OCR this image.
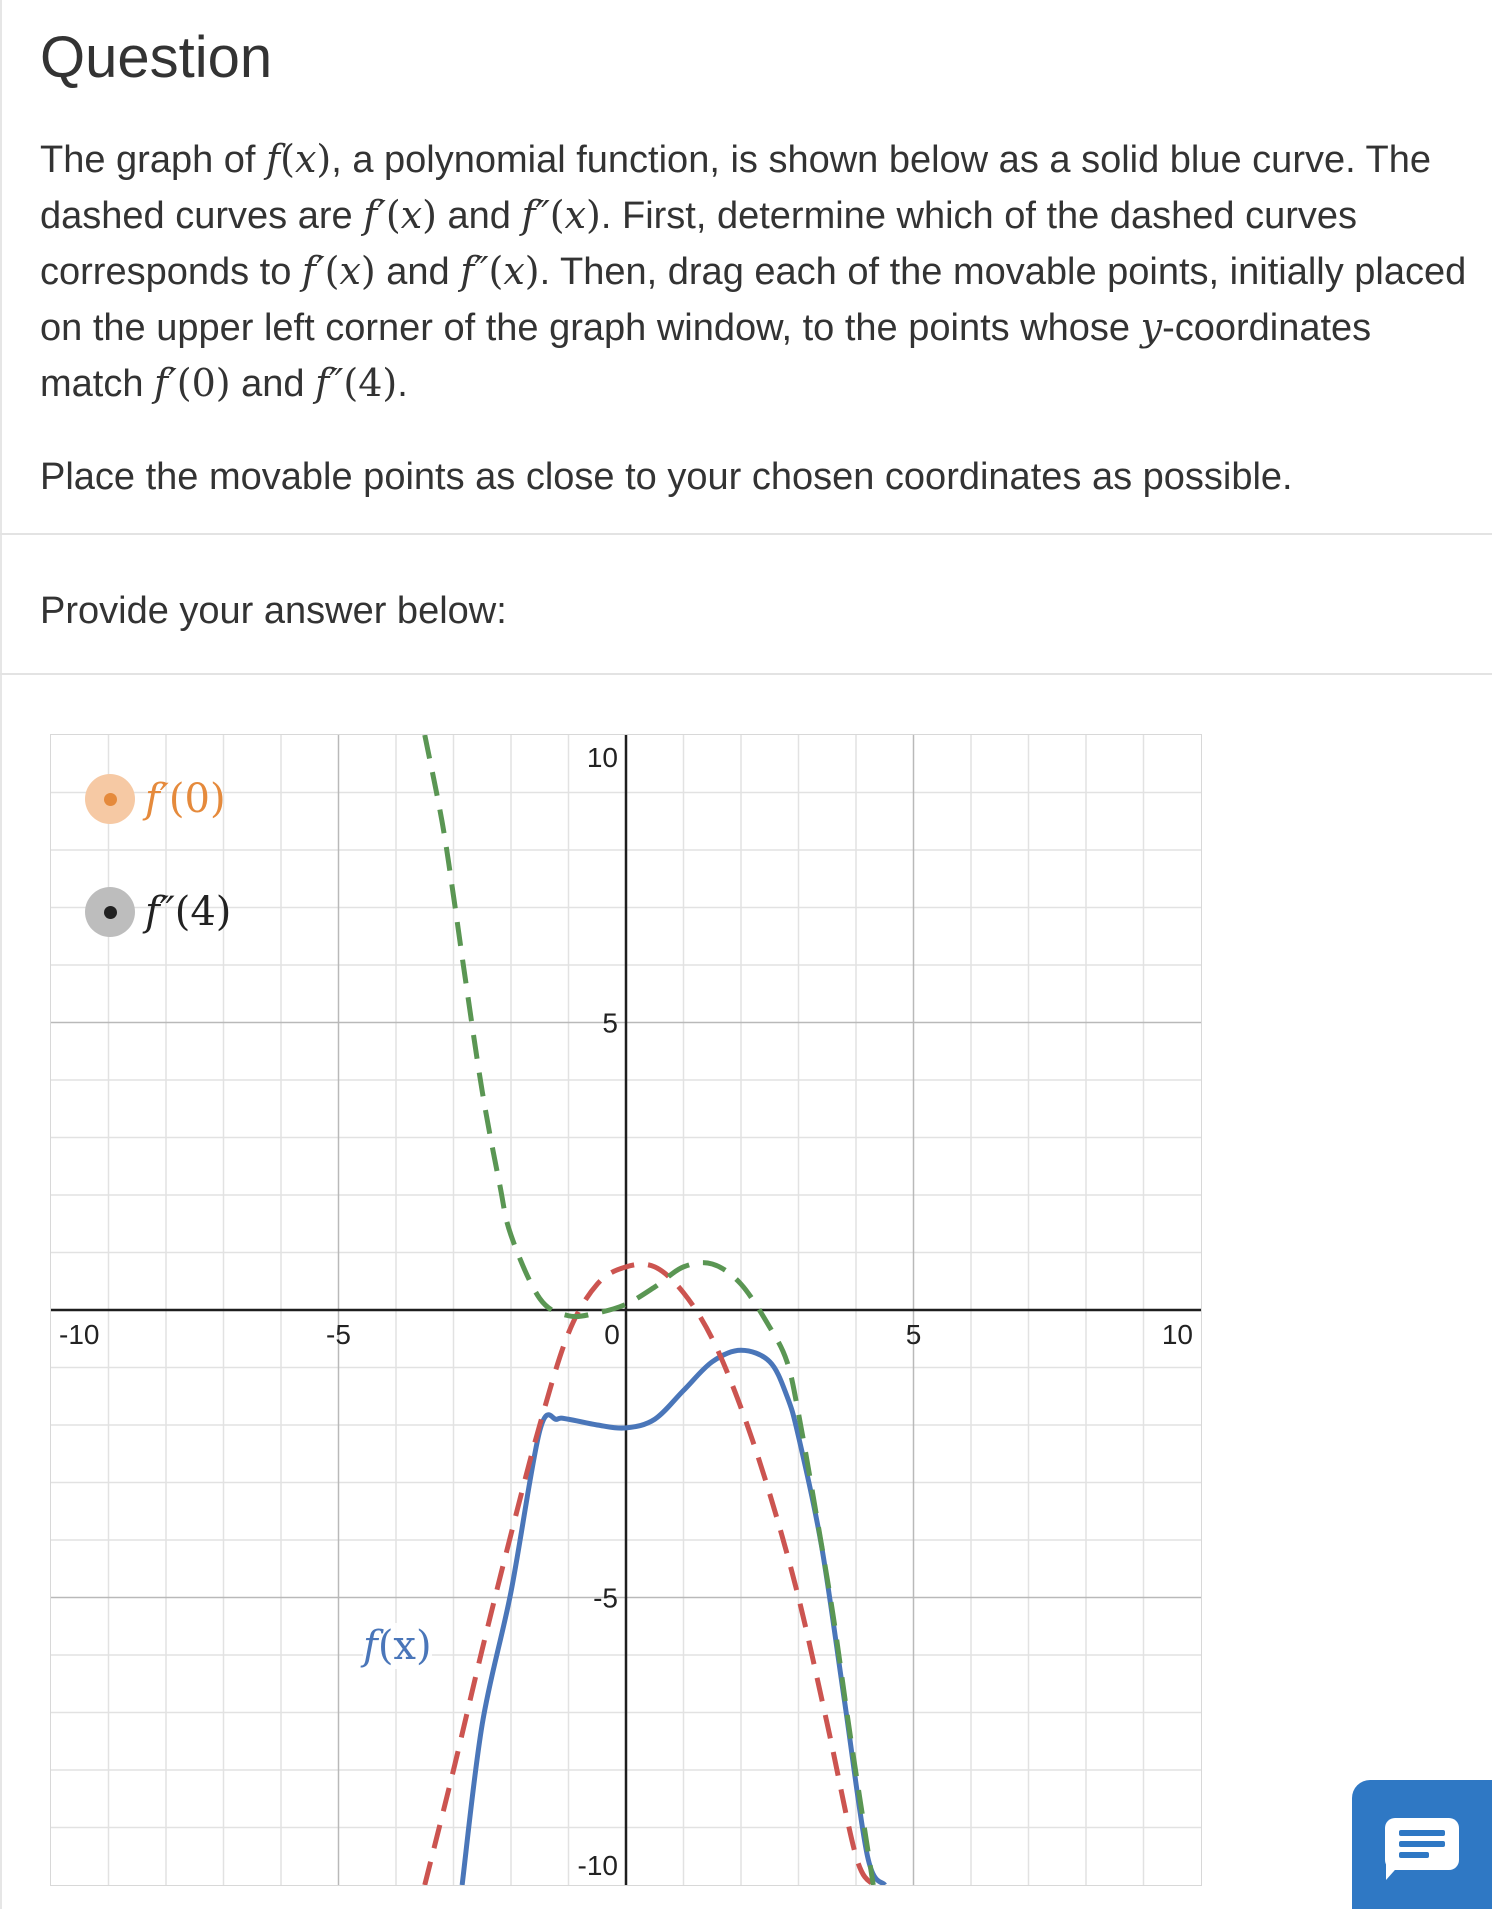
Question

The graph of f(x), a polynomial function, is shown below as a solid blue curve. The dashed curves are f′(x) and f″(x). First, determine which of the dashed curves corresponds to f′(x) and f″(x). Then, drag each of the movable points, initially placed on the upper left corner of the graph window, to the points whose y-coordinates match f′(0) and f″(4).

Place the movable points as close to your chosen coordinates as possible.

Provide your answer below:
-10	-5	0	5	10
10
5
-5
-10
f(x)
f′(0)
f″(4)
